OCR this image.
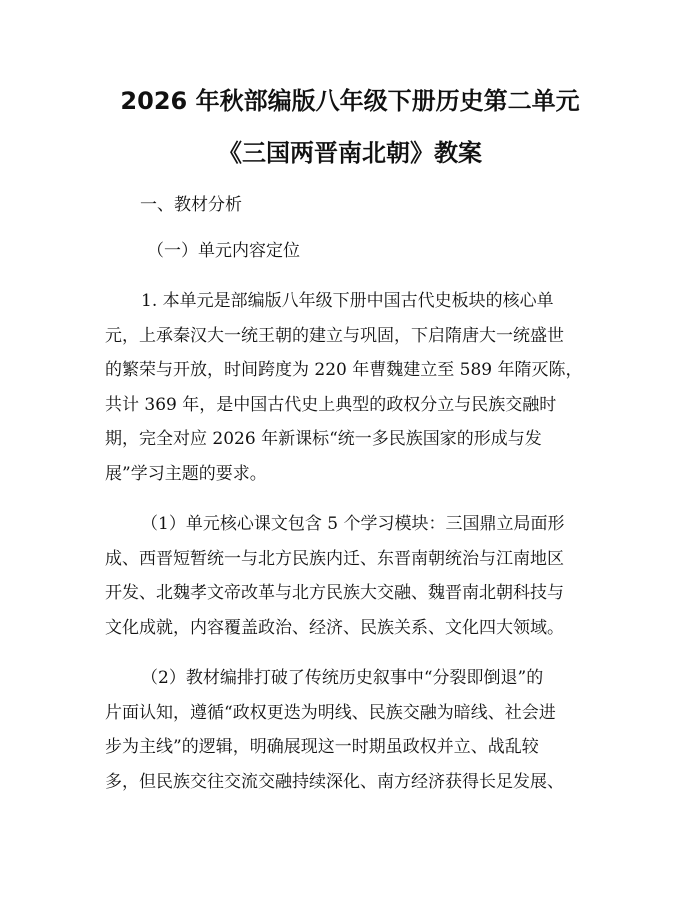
2026 年秋部编版八年级下册历史第二单元
《三国两晋南北朝》教案
一、教材分析
（一）单元内容定位
1. 本单元是部编版八年级下册中国古代史板块的核心单
元，上承秦汉大一统王朝的建立与巩固，下启隋唐大一统盛世
的繁荣与开放，时间跨度为 220 年曹魏建立至 589 年隋灭陈，
共计 369 年，是中国古代史上典型的政权分立与民族交融时
期，完全对应 2026 年新课标“统一多民族国家的形成与发
展”学习主题的要求。
（1）单元核心课文包含 5 个学习模块：三国鼎立局面形
成、西晋短暂统一与北方民族内迁、东晋南朝统治与江南地区
开发、北魏孝文帝改革与北方民族大交融、魏晋南北朝科技与
文化成就，内容覆盖政治、经济、民族关系、文化四大领域。
（2）教材编排打破了传统历史叙事中“分裂即倒退”的
片面认知，遵循“政权更迭为明线、民族交融为暗线、社会进
步为主线”的逻辑，明确展现这一时期虽政权并立、战乱较
多，但民族交往交流交融持续深化、南方经济获得长足发展、
